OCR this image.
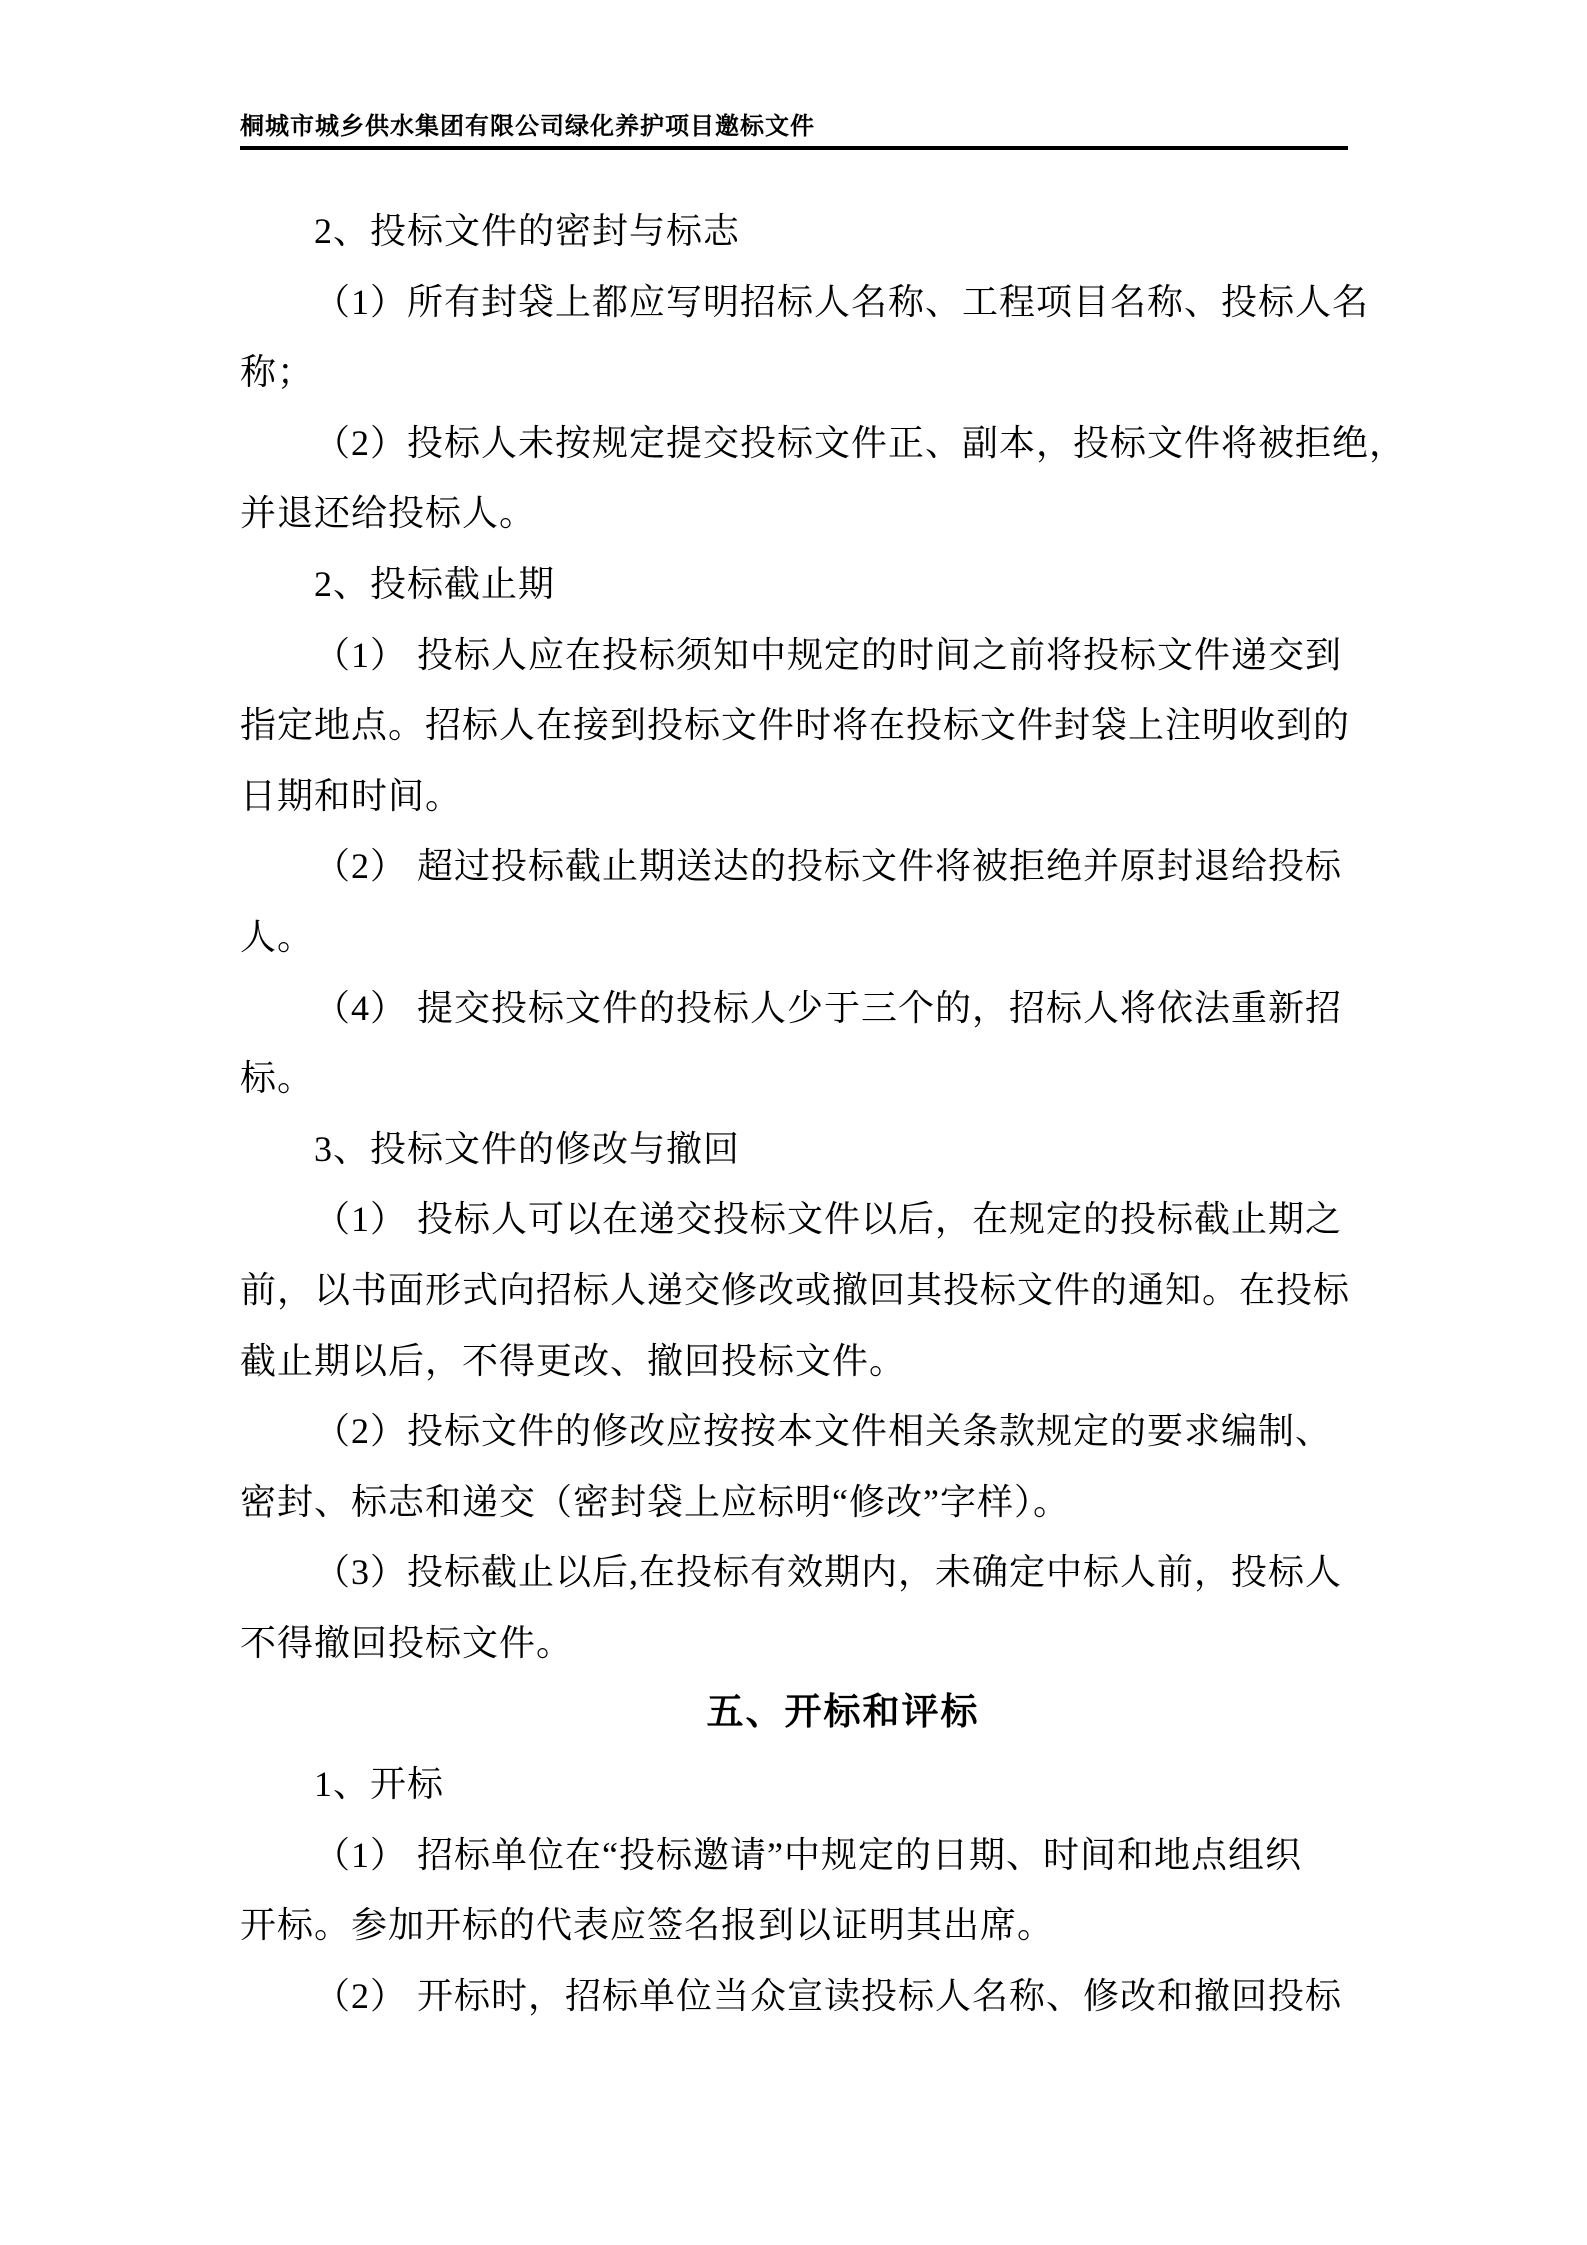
桐城市城乡供水集团有限公司绿化养护项目邀标文件
2、投标文件的密封与标志
（1）所有封袋上都应写明招标人名称、工程项目名称、投标人名
称；
（2）投标人未按规定提交投标文件正、副本，投标文件将被拒绝，
并退还给投标人。
2、投标截止期
（1） 投标人应在投标须知中规定的时间之前将投标文件递交到
指定地点。招标人在接到投标文件时将在投标文件封袋上注明收到的
日期和时间。
（2） 超过投标截止期送达的投标文件将被拒绝并原封退给投标
人。
（4） 提交投标文件的投标人少于三个的，招标人将依法重新招
标。
3、投标文件的修改与撤回
（1） 投标人可以在递交投标文件以后，在规定的投标截止期之
前，以书面形式向招标人递交修改或撤回其投标文件的通知。在投标
截止期以后，不得更改、撤回投标文件。
（2）投标文件的修改应按按本文件相关条款规定的要求编制、
密封、标志和递交（密封袋上应标明“修改”字样）。
（3）投标截止以后,在投标有效期内，未确定中标人前，投标人
不得撤回投标文件。
五、开标和评标
1、开标
（1） 招标单位在“投标邀请”中规定的日期、时间和地点组织
开标。参加开标的代表应签名报到以证明其出席。
（2） 开标时，招标单位当众宣读投标人名称、修改和撤回投标
